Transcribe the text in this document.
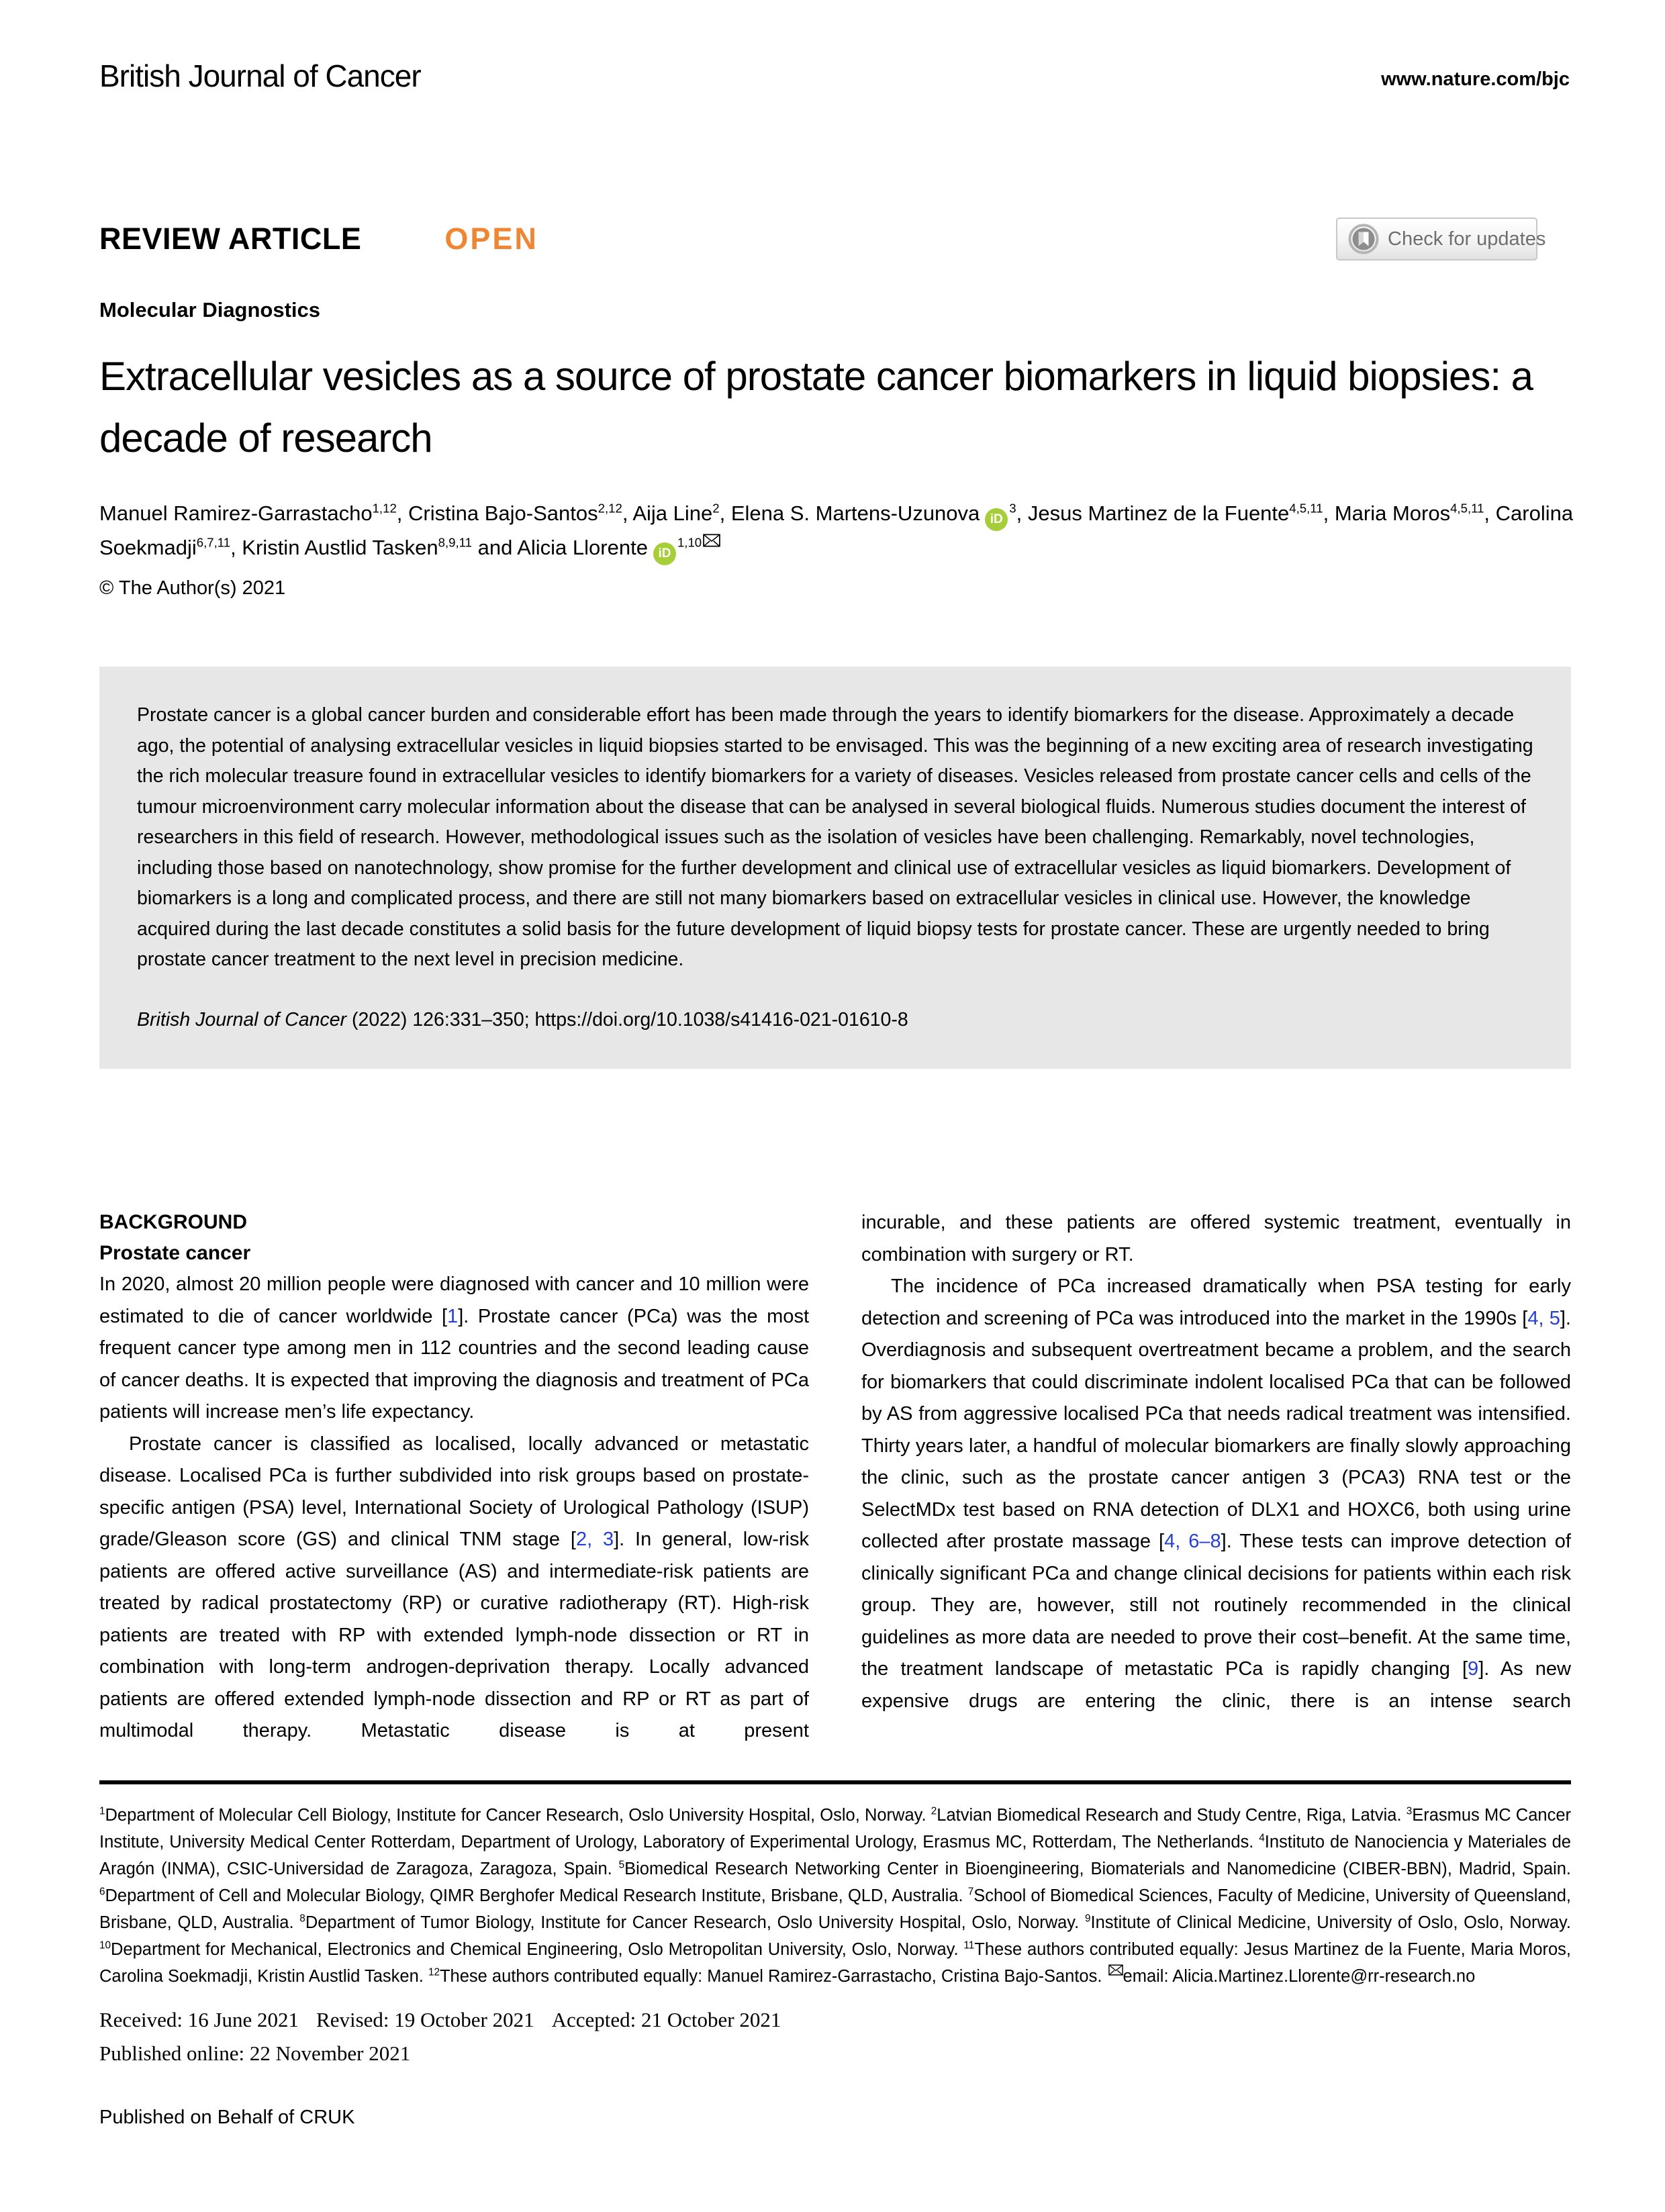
British Journal of Cancer	www.nature.com/bjc
REVIEW ARTICLE	OPEN	Check for updates
Molecular Diagnostics
Extracellular vesicles as a source of prostate cancer biomarkers in liquid biopsies: a decade of research
Manuel Ramirez-Garrastacho$^{1,12}$, Cristina Bajo-Santos$^{2,12}$, Aija Line$^2$, Elena S. Martens-Uzunova $iD^3$, Jesus Martinez de la Fuente$^{4,5,11}$, Maria Moros$^{4,5,11}$, Carolina Soekmadji$^{6,7,11}$, Kristin Austlid Tasken$^{8,9,11}$ and Alicia Llorente iD$^{1,10}$
© The Author(s) 2021

Prostate cancer is a global cancer burden and considerable effort has been made through the years to identify biomarkers for the disease. Approximately a decade ago, the potential of analysing extracellular vesicles in liquid biopsies started to be envisaged. This was the beginning of a new exciting area of research investigating the rich molecular treasure found in extracellular vesicles to identify biomarkers for a variety of diseases. Vesicles released from prostate cancer cells and cells of the tumour microenvironment carry molecular information about the disease that can be analysed in several biological fluids. Numerous studies document the interest of researchers in this field of research. However, methodological issues such as the isolation of vesicles have been challenging. Remarkably, novel technologies, including those based on nanotechnology, show promise for the further development and clinical use of extracellular vesicles as liquid biomarkers. Development of biomarkers is a long and complicated process, and there are still not many biomarkers based on extracellular vesicles in clinical use. However, the knowledge acquired during the last decade constitutes a solid basis for the future development of liquid biopsy tests for prostate cancer. These are urgently needed to bring prostate cancer treatment to the next level in precision medicine.

British Journal of Cancer (2022) 126:331–350; https://doi.org/10.1038/s41416-021-01610-8

BACKGROUND
Prostate cancer

In 2020, almost 20 million people were diagnosed with cancer and 10 million were estimated to die of cancer worldwide [1]. Prostate cancer (PCa) was the most frequent cancer type among men in 112 countries and the second leading cause of cancer deaths. It is expected that improving the diagnosis and treatment of PCa patients will increase men’s life expectancy.

Prostate cancer is classified as localised, locally advanced or metastatic disease. Localised PCa is further subdivided into risk groups based on prostate-specific antigen (PSA) level, International Society of Urological Pathology (ISUP) grade/Gleason score (GS) and clinical TNM stage [2, 3]. In general, low-risk patients are offered active surveillance (AS) and intermediate-risk patients are treated by radical prostatectomy (RP) or curative radiotherapy (RT). High-risk patients are treated with RP with extended lymph-node dissection or RT in combination with long-term androgen-deprivation therapy. Locally advanced patients are offered extended lymph-node dissection and RP or RT as part of multimodal therapy. Metastatic disease is at present

incurable, and these patients are offered systemic treatment, eventually in combination with surgery or RT.

The incidence of PCa increased dramatically when PSA testing for early detection and screening of PCa was introduced into the market in the 1990s [4, 5]. Overdiagnosis and subsequent overtreatment became a problem, and the search for biomarkers that could discriminate indolent localised PCa that can be followed by AS from aggressive localised PCa that needs radical treatment was intensified. Thirty years later, a handful of molecular biomarkers are finally slowly approaching the clinic, such as the prostate cancer antigen 3 (PCA3) RNA test or the SelectMDx test based on RNA detection of DLX1 and HOXC6, both using urine collected after prostate massage [4, 6–8]. These tests can improve detection of clinically significant PCa and change clinical decisions for patients within each risk group. They are, however, still not routinely recommended in the clinical guidelines as more data are needed to prove their cost–benefit. At the same time, the treatment landscape of metastatic PCa is rapidly changing [9]. As new expensive drugs are entering the clinic, there is an intense search

$^1$Department of Molecular Cell Biology, Institute for Cancer Research, Oslo University Hospital, Oslo, Norway. $^2$Latvian Biomedical Research and Study Centre, Riga, Latvia. $^3$Erasmus MC Cancer Institute, University Medical Center Rotterdam, Department of Urology, Laboratory of Experimental Urology, Erasmus MC, Rotterdam, The Netherlands. $^4$Instituto de Nanociencia y Materiales de Aragón (INMA), CSIC-Universidad de Zaragoza, Zaragoza, Spain. $^5$Biomedical Research Networking Center in Bioengineering, Biomaterials and Nanomedicine (CIBER-BBN), Madrid, Spain. $^6$Department of Cell and Molecular Biology, QIMR Berghofer Medical Research Institute, Brisbane, QLD, Australia. $^7$School of Biomedical Sciences, Faculty of Medicine, University of Queensland, Brisbane, QLD, Australia. $^8$Department of Tumor Biology, Institute for Cancer Research, Oslo University Hospital, Oslo, Norway. $^9$Institute of Clinical Medicine, University of Oslo, Oslo, Norway. $^{10}$Department for Mechanical, Electronics and Chemical Engineering, Oslo Metropolitan University, Oslo, Norway. $^{11}$These authors contributed equally: Jesus Martinez de la Fuente, Maria Moros, Carolina Soekmadji, Kristin Austlid Tasken. $^{12}$These authors contributed equally: Manuel Ramirez-Garrastacho, Cristina Bajo-Santos. email: Alicia.Martinez.Llorente@rr-research.no
Received: 16 June 2021 Revised: 19 October 2021 Accepted: 21 October 2021
Published online: 22 November 2021
Published on Behalf of CRUK
